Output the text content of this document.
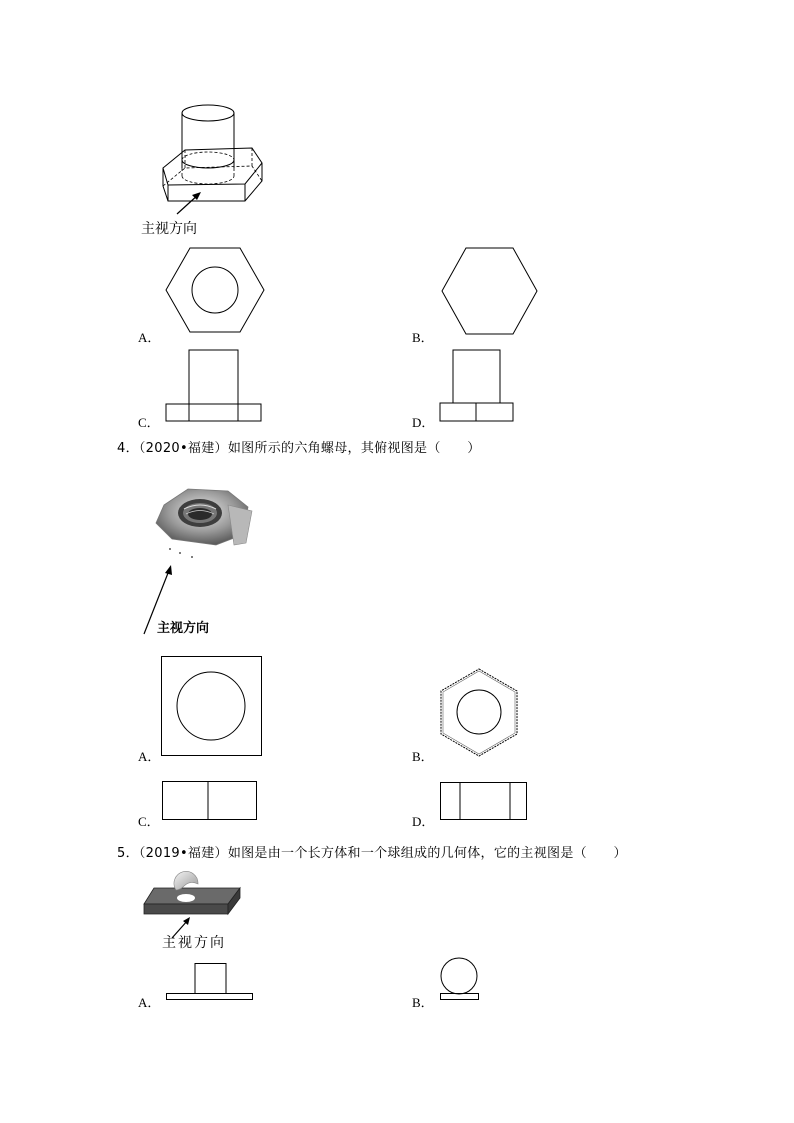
主视方向
A．	B．
C．	D．
4．（2020•福建）如图所示的六角螺母，其俯视图是（　　）
主视方向
A．	B．
C．	D．
5．（2019•福建）如图是由一个长方体和一个球组成的几何体，它的主视图是（　　）
主视方向
A．	B．
